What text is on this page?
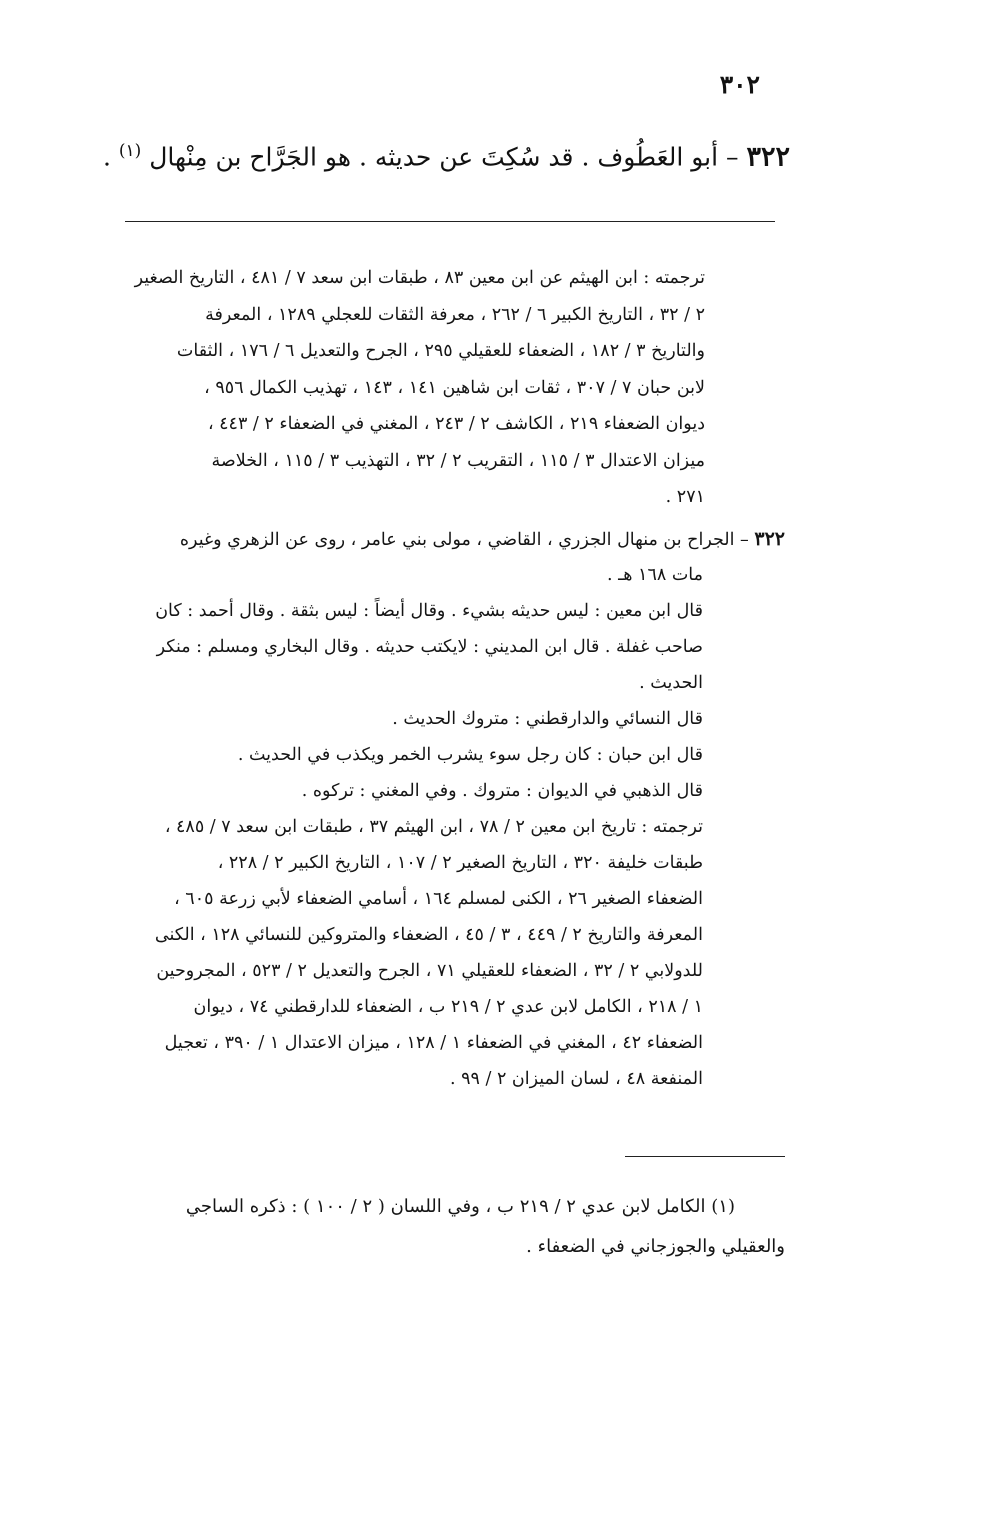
٣٠٢
٣٢٢ – أبو العَطُوف . قد سُكِتَ عن حديثه . هو الجَرَّاح بن مِنْهال $^{(١)}$ .

ترجمته : ابن الهيثم عن ابن معين ٨٣ ، طبقات ابن سعد ٧ / ٤٨١ ، التاريخ الصغير

٢ / ٣٢ ، التاريخ الكبير ٦ / ٢٦٢ ، معرفة الثقات للعجلي ١٢٨٩ ، المعرفة

والتاريخ ٣ / ١٨٢ ، الضعفاء للعقيلي ٢٩٥ ، الجرح والتعديل ٦ / ١٧٦ ، الثقات

لابن حبان ٧ / ٣٠٧ ، ثقات ابن شاهين ١٤١ ، ١٤٣ ، تهذيب الكمال ٩٥٦ ،

ديوان الضعفاء ٢١٩ ، الكاشف ٢ / ٢٤٣ ، المغني في الضعفاء ٢ / ٤٤٣ ،

ميزان الاعتدال ٣ / ١١٥ ، التقريب ٢ / ٣٢ ، التهذيب ٣ / ١١٥ ، الخلاصة

٢٧١ .

٣٢٢ – الجراح بن منهال الجزري ، القاضي ، مولى بني عامر ، روى عن الزهري وغيره

مات ١٦٨ هـ .

قال ابن معين : ليس حديثه بشيء . وقال أيضاً : ليس بثقة . وقال أحمد : كان

صاحب غفلة . قال ابن المديني : لايكتب حديثه . وقال البخاري ومسلم : منكر

الحديث .

قال النسائي والدارقطني : متروك الحديث .

قال ابن حبان : كان رجل سوء يشرب الخمر ويكذب في الحديث .

قال الذهبي في الديوان : متروك . وفي المغني : تركوه .

ترجمته : تاريخ ابن معين ٢ / ٧٨ ، ابن الهيثم ٣٧ ، طبقات ابن سعد ٧ / ٤٨٥ ،

طبقات خليفة ٣٢٠ ، التاريخ الصغير ٢ / ١٠٧ ، التاريخ الكبير ٢ / ٢٢٨ ،

الضعفاء الصغير ٢٦ ، الكنى لمسلم ١٦٤ ، أسامي الضعفاء لأبي زرعة ٦٠٥ ،

المعرفة والتاريخ ٢ / ٤٤٩ ، ٣ / ٤٥ ، الضعفاء والمتروكين للنسائي ١٢٨ ، الكنى

للدولابي ٢ / ٣٢ ، الضعفاء للعقيلي ٧١ ، الجرح والتعديل ٢ / ٥٢٣ ، المجروحين

١ / ٢١٨ ، الكامل لابن عدي ٢ / ٢١٩ ب ، الضعفاء للدارقطني ٧٤ ، ديوان

الضعفاء ٤٢ ، المغني في الضعفاء ١ / ١٢٨ ، ميزان الاعتدال ١ / ٣٩٠ ، تعجيل

المنفعة ٤٨ ، لسان الميزان ٢ / ٩٩ .

(١) الكامل لابن عدي ٢ / ٢١٩ ب ، وفي اللسان ( ٢ / ١٠٠ ) : ذكره الساجي

والعقيلي والجوزجاني في الضعفاء .
